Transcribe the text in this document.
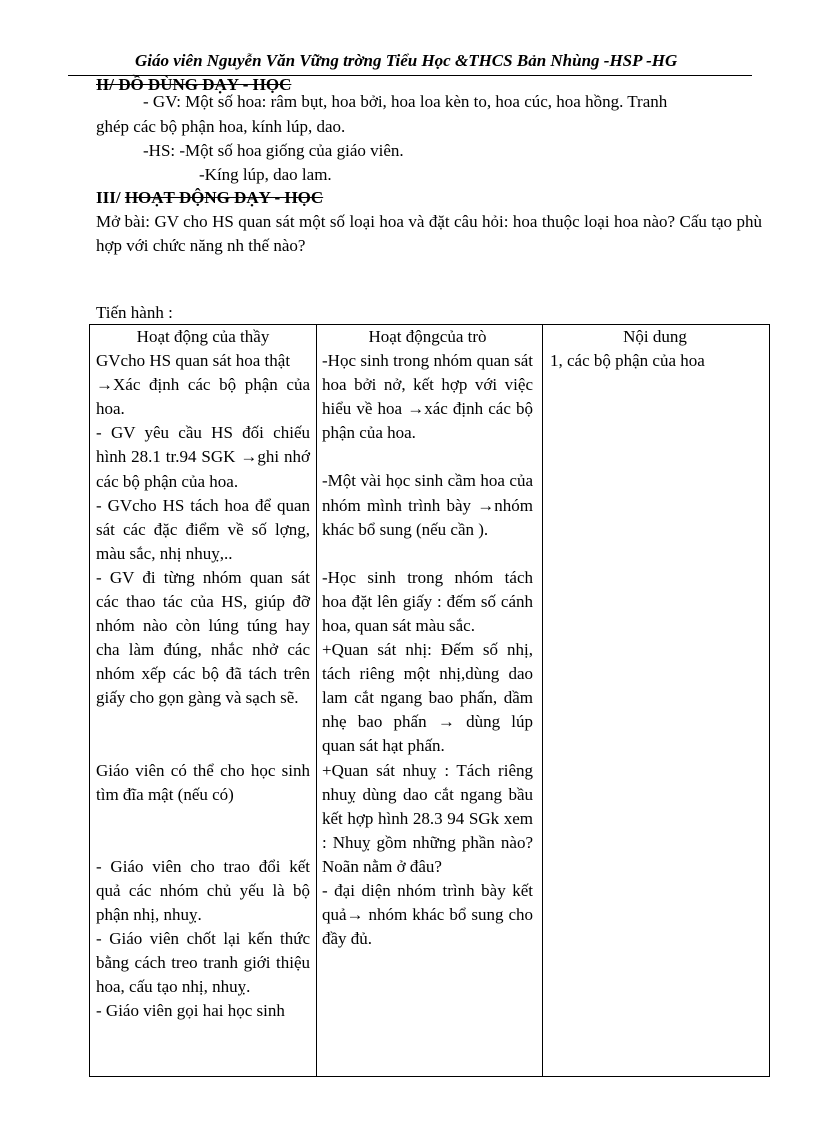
Giáo viên Nguyễn Văn Vững trờng Tiểu Học &THCS Bản Nhùng -HSP -HG
II/ ĐỒ DÙNG DẠY - HỌC
- GV: Một số hoa: râm bụt, hoa bởi, hoa loa kèn to, hoa cúc, hoa hồng. Tranh
ghép các bộ phận hoa, kính lúp, dao.
-HS: -Một số hoa giống của giáo viên.
-Kíng lúp, dao lam.
III/ HOẠT ĐỘNG DẠY - HỌC
Mở bài: GV cho HS quan sát một số loại hoa và đặt câu hỏi: hoa thuộc loại hoa nào? Cấu tạo phù hợp với chức năng nh thế nào?
Tiến hành :
Hoạt động của thầy

GVcho HS quan sát hoa thật

→Xác định các bộ phận của hoa.

- GV yêu cầu HS đối chiếu hình 28.1 tr.94 SGK →ghi nhớ các bộ phận của hoa.

- GVcho HS tách hoa để quan sát các đặc điểm về số lợng, màu sắc, nhị nhuỵ,..

- GV đi từng nhóm quan sát các thao tác của HS, giúp đỡ nhóm nào còn lúng túng hay cha làm đúng, nhắc nhở các nhóm xếp các bộ đã tách trên giấy cho gọn gàng và sạch sẽ.

Giáo viên có thể cho học sinh tìm đĩa mật (nếu có)

- Giáo viên cho trao đổi kết quả các nhóm chủ yếu là bộ phận nhị, nhuỵ.

- Giáo viên chốt lại kến thức bằng cách treo tranh giới thiệu hoa, cấu tạo nhị, nhuỵ.

- Giáo viên gọi hai học sinh

Hoạt độngcủa trò

-Học sinh trong nhóm quan sát hoa bởi nở, kết hợp với việc hiểu về hoa →xác định các bộ phận của hoa.

-Một vài học sinh cầm hoa của nhóm mình trình bày →nhóm khác bổ sung (nếu cần ).

-Học sinh trong nhóm tách hoa đặt lên giấy : đếm số cánh hoa, quan sát màu sắc.

+Quan sát nhị: Đếm số nhị, tách riêng một nhị,dùng dao lam cắt ngang bao phấn, dầm nhẹ bao phấn → dùng lúp quan sát hạt phấn.

+Quan sát nhuỵ : Tách riêng nhuỵ dùng dao cắt ngang bầu kết hợp hình 28.3 94 SGk xem : Nhuỵ gồm những phần nào? Noãn nằm ở đâu?

- đại diện nhóm trình bày kết quả→ nhóm khác bổ sung cho đầy đủ.

Nội dung

1, các bộ phận của hoa
